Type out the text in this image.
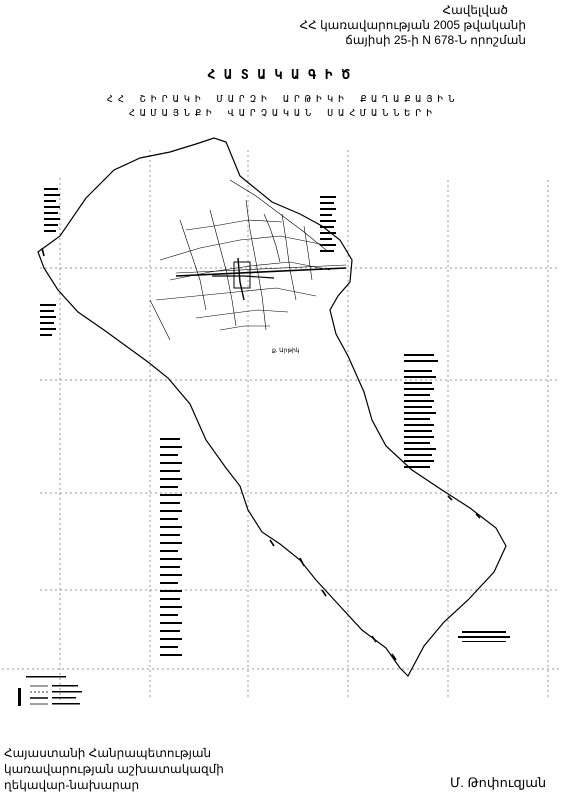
Հավելված
ՀՀ կառավարության 2005 թվականի
ճայիսի 25-ի N 678-Ն որոշման
ՀԱՏԱԿԱԳԻԾ
ՀՀ ՇԻՐԱԿԻ ՄԱՐԶԻ ԱՐԹԻԿԻ ՔԱՂԱՔԱՅԻՆ
ՀԱՄԱՅՆՔԻ ՎԱՐՉԱԿԱՆ ՍԱՀՄԱՆՆԵՐԻ
ք. Արթիկ
Հայաստանի Հանրապետության
կառավարության աշխատակազմի
ղեկավար-նախարար	Մ. Թոփուզյան
